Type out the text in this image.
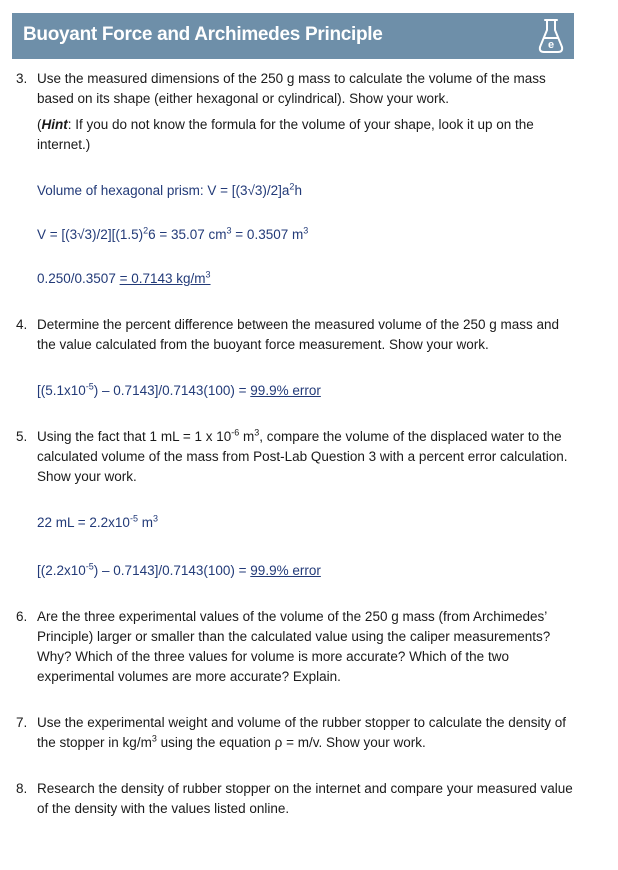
Buoyant Force and Archimedes Principle	e
3. Use the measured dimensions of the 250 g mass to calculate the volume of the mass based on its shape (either hexagonal or cylindrical). Show your work.
(Hint: If you do not know the formula for the volume of your shape, look it up on the internet.)
Volume of hexagonal prism: $V = [(3√3)/2]a^2h$
$V = [(3√3)/2][(1.5)^26 = 35.07$ $cm^3 = 0.3507$ $m^3$
0.250/0.3507 = 0.7143 $kg/m^3$
4. Determine the percent difference between the measured volume of the 250 g mass and the value calculated from the buoyant force measurement. Show your work.
$[(5.1x10^{-5}) - 0.7143]/0.7143(100) = 99.9\%$ error
5. Using the fact that 1 mL = 1 x $10^{-6}$ $m^3$, compare the volume of the displaced water to the calculated volume of the mass from Post-Lab Question 3 with a percent error calculation. Show your work.
22 mL = $2.2x10^{-5}$ $m^3$
$[(2.2x10^{-5}) - 0.7143]/0.7143(100) = 99.9\%$ error
6. Are the three experimental values of the volume of the 250 g mass (from Archimedes’ Principle) larger or smaller than the calculated value using the caliper measurements? Why? Which of the three values for volume is more accurate? Which of the two experimental volumes are more accurate? Explain.
7. Use the experimental weight and volume of the rubber stopper to calculate the density of the stopper in $kg/m^3$ using the equation ρ = m/v. Show your work.
8. Research the density of rubber stopper on the internet and compare your measured value of the density with the values listed online.
